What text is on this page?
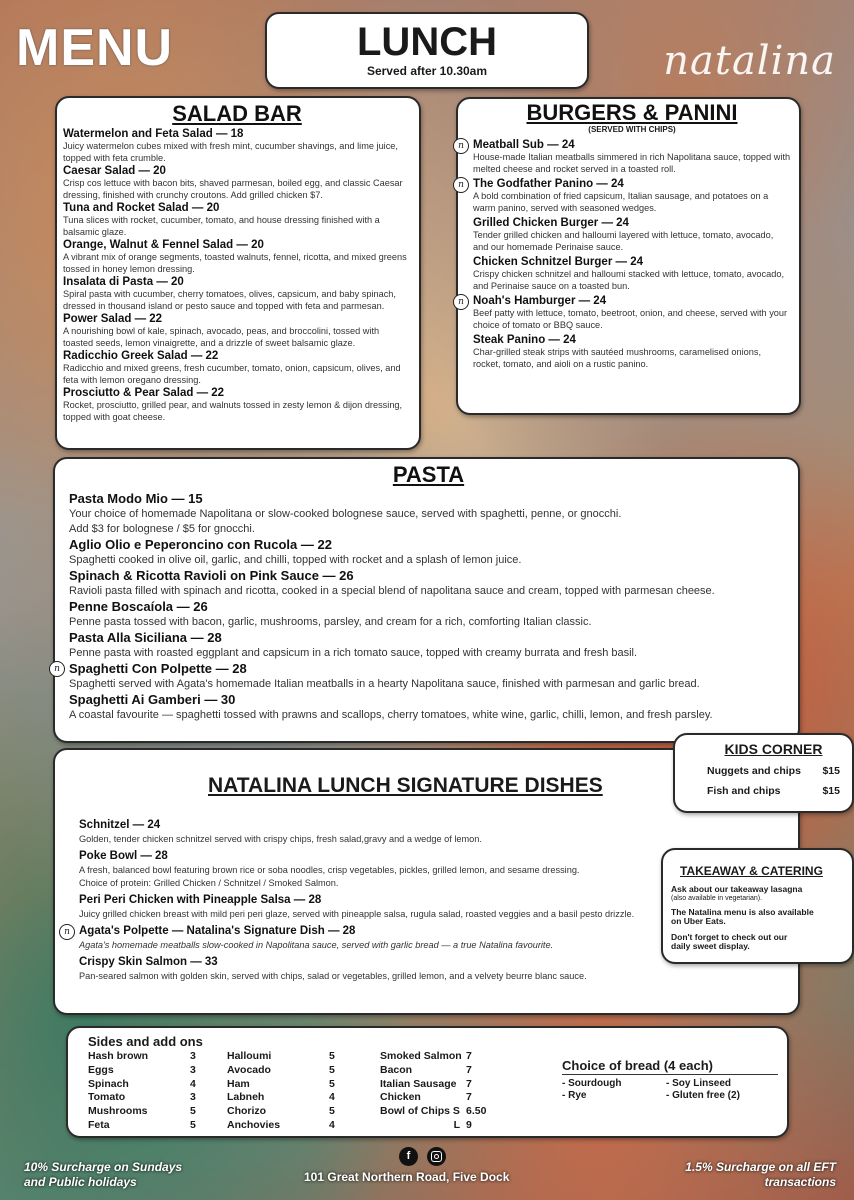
MENU	natalina
LUNCH
Served after 10.30am
SALAD BAR
Watermelon and Feta Salad — 18
Juicy watermelon cubes mixed with fresh mint, cucumber shavings, and lime juice, topped with feta crumble.
Caesar Salad — 20
Crisp cos lettuce with bacon bits, shaved parmesan, boiled egg, and classic Caesar dressing, finished with crunchy croutons. Add grilled chicken $7.
Tuna and Rocket Salad — 20
Tuna slices with rocket, cucumber, tomato, and house dressing finished with a balsamic glaze.
Orange, Walnut & Fennel Salad — 20
A vibrant mix of orange segments, toasted walnuts, fennel, ricotta, and mixed greens tossed in honey lemon dressing.
Insalata di Pasta — 20
Spiral pasta with cucumber, cherry tomatoes, olives, capsicum, and baby spinach, dressed in thousand island or pesto sauce and topped with feta and parmesan.
Power Salad — 22
A nourishing bowl of kale, spinach, avocado, peas, and broccolini, tossed with toasted seeds, lemon vinaigrette, and a drizzle of sweet balsamic glaze.
Radicchio Greek Salad — 22
Radicchio and mixed greens, fresh cucumber, tomato, onion, capsicum, olives, and feta with lemon oregano dressing.
Prosciutto & Pear Salad — 22
Rocket, prosciutto, grilled pear, and walnuts tossed in zesty lemon & dijon dressing, topped with goat cheese.
BURGERS & PANINI
(SERVED WITH CHIPS)
n Meatball Sub — 24
House-made Italian meatballs simmered in rich Napolitana sauce, topped with melted cheese and rocket served in a toasted roll.
n The Godfather Panino — 24
A bold combination of fried capsicum, Italian sausage, and potatoes on a warm panino, served with seasoned wedges.
Grilled Chicken Burger — 24
Tender grilled chicken and halloumi layered with lettuce, tomato, avocado, and our homemade Perinaise sauce.
Chicken Schnitzel Burger — 24
Crispy chicken schnitzel and halloumi stacked with lettuce, tomato, avocado, and Perinaise sauce on a toasted bun.
n Noah's Hamburger — 24
Beef patty with lettuce, tomato, beetroot, onion, and cheese, served with your choice of tomato or BBQ sauce.
Steak Panino — 24
Char-grilled steak strips with sautéed mushrooms, caramelised onions, rocket, tomato, and aioli on a rustic panino.
PASTA
Pasta Modo Mio — 15
Your choice of homemade Napolitana or slow-cooked bolognese sauce, served with spaghetti, penne, or gnocchi.
Add $3 for bolognese / $5 for gnocchi.
Aglio Olio e Peperoncino con Rucola — 22
Spaghetti cooked in olive oil, garlic, and chilli, topped with rocket and a splash of lemon juice.
Spinach & Ricotta Ravioli on Pink Sauce — 26
Ravioli pasta filled with spinach and ricotta, cooked in a special blend of napolitana sauce and cream, topped with parmesan cheese.
Penne Boscaíola — 26
Penne pasta tossed with bacon, garlic, mushrooms, parsley, and cream for a rich, comforting Italian classic.
Pasta Alla Siciliana — 28
Penne pasta with roasted eggplant and capsicum in a rich tomato sauce, topped with creamy burrata and fresh basil.
n Spaghetti Con Polpette — 28
Spaghetti served with Agata's homemade Italian meatballs in a hearty Napolitana sauce, finished with parmesan and garlic bread.
Spaghetti Ai Gamberi — 30
A coastal favourite — spaghetti tossed with prawns and scallops, cherry tomatoes, white wine, garlic, chilli, lemon, and fresh parsley.
NATALINA LUNCH SIGNATURE DISHES
Schnitzel — 24
Golden, tender chicken schnitzel served with crispy chips, fresh salad,gravy and a wedge of lemon.
Poke Bowl — 28
A fresh, balanced bowl featuring brown rice or soba noodles, crisp vegetables, pickles, grilled lemon, and sesame dressing.
Choice of protein: Grilled Chicken / Schnitzel / Smoked Salmon.
Peri Peri Chicken with Pineapple Salsa — 28
Juicy grilled chicken breast with mild peri peri glaze, served with pineapple salsa, rugula salad, roasted veggies and a basil pesto drizzle.
n Agata's Polpette — Natalina's Signature Dish — 28
Agata's homemade meatballs slow-cooked in Napolitana sauce, served with garlic bread — a true Natalina favourite.
Crispy Skin Salmon — 33
Pan-seared salmon with golden skin, served with chips, salad or vegetables, grilled lemon, and a velvety beurre blanc sauce.
KIDS CORNER
Nuggets and chips $15
Fish and chips	$15
TAKEAWAY & CATERING
Ask about our takeaway lasagna
(also available in vegetarian).
The Natalina menu is also available
on Uber Eats.
Don't forget to check out our
daily sweet display.
Sides and add ons
Hash brown	3
Eggs	3
Spinach	4
Tomato	3
Mushrooms	5
Feta	5
Halloumi	5
Avocado	5
Ham	5
Labneh	4
Chorizo	5
Anchovies	4
Smoked Salmon 7
Bacon	7
Italian Sausage 7
Chicken	7
Bowl of Chips S 6.50
L 9
Choice of bread (4 each)
- Sourdough	- Soy Linseed
- Rye	- Gluten free (2)
10% Surcharge on Sundays
and Public holidays
f
101 Great Northern Road, Five Dock
1.5% Surcharge on all EFT
transactions
